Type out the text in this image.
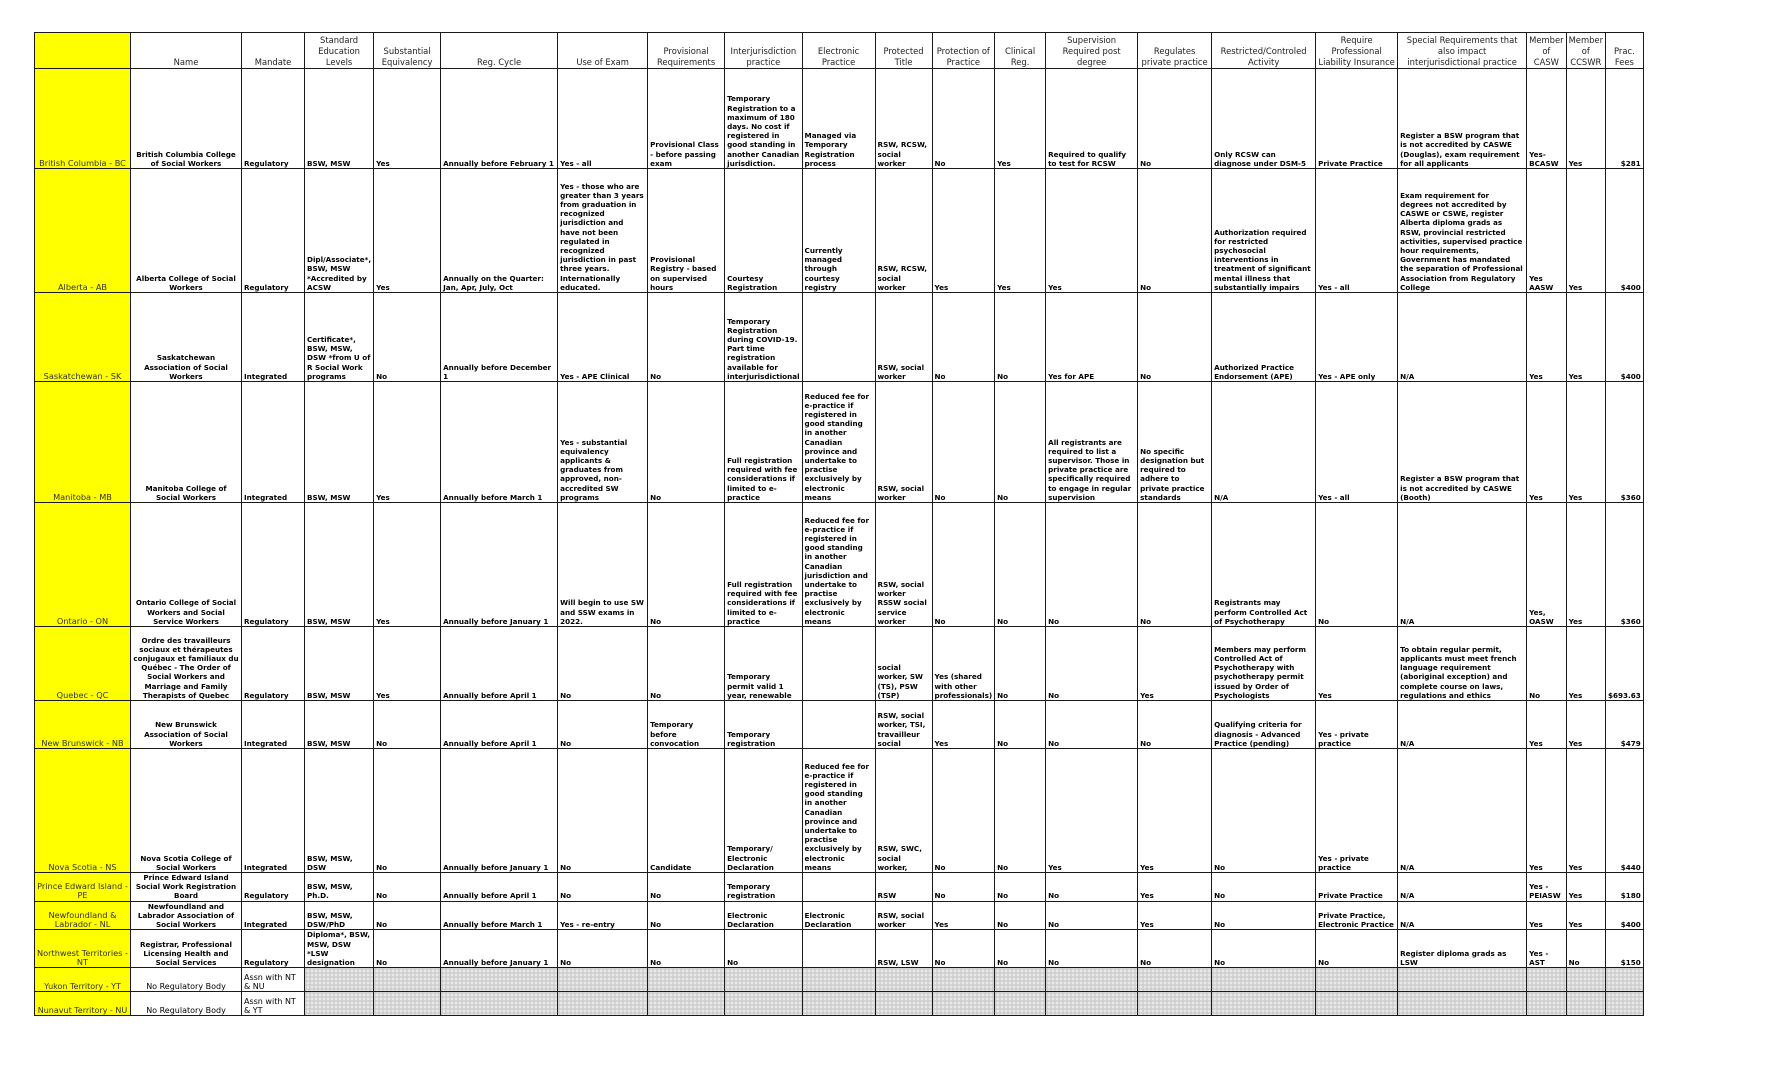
	Name	Mandate	Standard Education Levels	Substantial Equivalency	Reg. Cycle	Use of Exam	Provisional Requirements	Interjurisdiction practice	Electronic Practice	Protected Title	Protection of Practice	Clinical Reg.	Supervision Required post degree	Regulates private practice	Restricted/Controled Activity	Require Professional Liability Insurance	Special Requirements that also impact interjurisdictional practice	Member of CASW	Member of CCSWR	Prac. Fees
British Columbia - BC	British Columbia College of Social Workers	Regulatory	BSW, MSW	Yes	Annually before February 1	Yes - all	Provisional Class - before passing exam	Temporary Registration to a maximum of 180 days. No cost if registered in good standing in another Canadian jurisdiction.	Managed via Temporary Registration process	RSW, RCSW, social worker	No	Yes	Required to qualify to test for RCSW	No	Only RCSW can diagnose under DSM-5	Private Practice	Register a BSW program that is not accredited by CASWE (Douglas), exam requirement for all applicants	Yes-BCASW	Yes	$281
Alberta - AB	Alberta College of Social Workers	Regulatory	Dipl/Associate*, BSW, MSW *Accredited by ACSW	Yes	Annually on the Quarter: Jan, Apr, July, Oct	Yes - those who are greater than 3 years from graduation in recognized jurisdiction and have not been regulated in recognized jurisdiction in past three years. Internationally educated.	Provisional Registry - based on supervised hours	Courtesy Registration	Currently managed through courtesy registry	RSW, RCSW, social worker	Yes	Yes	Yes	No	Authorization required for restricted psychosocial interventions in treatment of significant mental illness that substantially impairs	Yes - all	Exam requirement for degrees not accredited by CASWE or CSWE, register Alberta diploma grads as RSW, provincial restricted activities, supervised practice hour requirements, Government has mandated the separation of Professional Association from Regulatory College	Yes AASW	Yes	$400
Saskatchewan - SK	Saskatchewan Association of Social Workers	Integrated	Certificate*, BSW, MSW, DSW *from U of R Social Work programs	No	Annually before December 1	Yes - APE Clinical	No	Temporary Registration during COVID-19. Part time registration available for interjurisdictional		RSW, social worker	No	No	Yes for APE	No	Authorized Practice Endorsement (APE)	Yes - APE only	N/A	Yes	Yes	$400
Manitoba - MB	Manitoba College of Social Workers	Integrated	BSW, MSW	Yes	Annually before March 1	Yes - substantial equivalency applicants & graduates from approved, non-accredited SW programs	No	Full registration required with fee considerations if limited to e-practice	Reduced fee for e-practice if registered in good standing in another Canadian province and undertake to practise exclusively by electronic means	RSW, social worker	No	No	All registrants are required to list a supervisor. Those in private practice are specifically required to engage in regular supervision	No specific designation but required to adhere to private practice standards	N/A	Yes - all	Register a BSW program that is not accredited by CASWE (Booth)	Yes	Yes	$360
Ontario - ON	Ontario College of Social Workers and Social Service Workers	Regulatory	BSW, MSW	Yes	Annually before January 1	Will begin to use SW and SSW exams in 2022.	No	Full registration required with fee considerations if limited to e-practice	Reduced fee for e-practice if registered in good standing in another Canadian jurisdiction and undertake to practise exclusively by electronic means	RSW, social worker RSSW social service worker	No	No	No	No	Registrants may perform Controlled Act of Psychotherapy	No	N/A	Yes, OASW	Yes	$360
Quebec - QC	Ordre des travailleurs sociaux et thérapeutes conjugaux et familiaux du Québec - The Order of Social Workers and Marriage and Family Therapists of Quebec	Regulatory	BSW, MSW	Yes	Annually before April 1	No	No	Temporary permit valid 1 year, renewable		social worker, SW (TS), PSW (TSP)	Yes (shared with other professionals)	No	No	Yes	Members may perform Controlled Act of Psychotherapy with psychotherapy permit issued by Order of Psychologists	Yes	To obtain regular permit, applicants must meet french language requirement (aboriginal exception) and complete course on laws, regulations and ethics	No	Yes	$693.63
New Brunswick - NB	New Brunswick Association of Social Workers	Integrated	BSW, MSW	No	Annually before April 1	No	Temporary before convocation	Temporary registration		RSW, social worker, TSI, travailleur social	Yes	No	No	No	Qualifying criteria for diagnosis - Advanced Practice (pending)	Yes - private practice	N/A	Yes	Yes	$479
Nova Scotia - NS	Nova Scotia College of Social Workers	Integrated	BSW, MSW, DSW	No	Annually before January 1	No	Candidate	Temporary/ Electronic Declaration	Reduced fee for e-practice if registered in good standing in another Canadian province and undertake to practise exclusively by electronic means	RSW, SWC, social worker,	No	No	Yes	Yes	No	Yes - private practice	N/A	Yes	Yes	$440
Prince Edward Island - PE	Prince Edward Island Social Work Registration Board	Regulatory	BSW, MSW, Ph.D.	No	Annually before April 1	No	No	Temporary registration		RSW	No	No	No	Yes	No	Private Practice	N/A	Yes - PEIASW	Yes	$180
Newfoundland & Labrador - NL	Newfoundland and Labrador Association of Social Workers	Integrated	BSW, MSW, DSW/PhD	No	Annually before March 1	Yes - re-entry	No	Electronic Declaration	Electronic Declaration	RSW, social worker	Yes	No	No	Yes	No	Private Practice, Electronic Practice	N/A	Yes	Yes	$400
Northwest Territories - NT	Registrar, Professional Licensing Health and Social Services	Regulatory	Diploma*, BSW, MSW, DSW *LSW designation	No	Annually before January 1	No	No	No		RSW, LSW	No	No	No	No	No	No	Register diploma grads as LSW	Yes - AST	No	$150
Yukon Territory - YT	No Regulatory Body	Assn with NT & NU																		
Nunavut Territory - NU	No Regulatory Body	Assn with NT & YT																		
